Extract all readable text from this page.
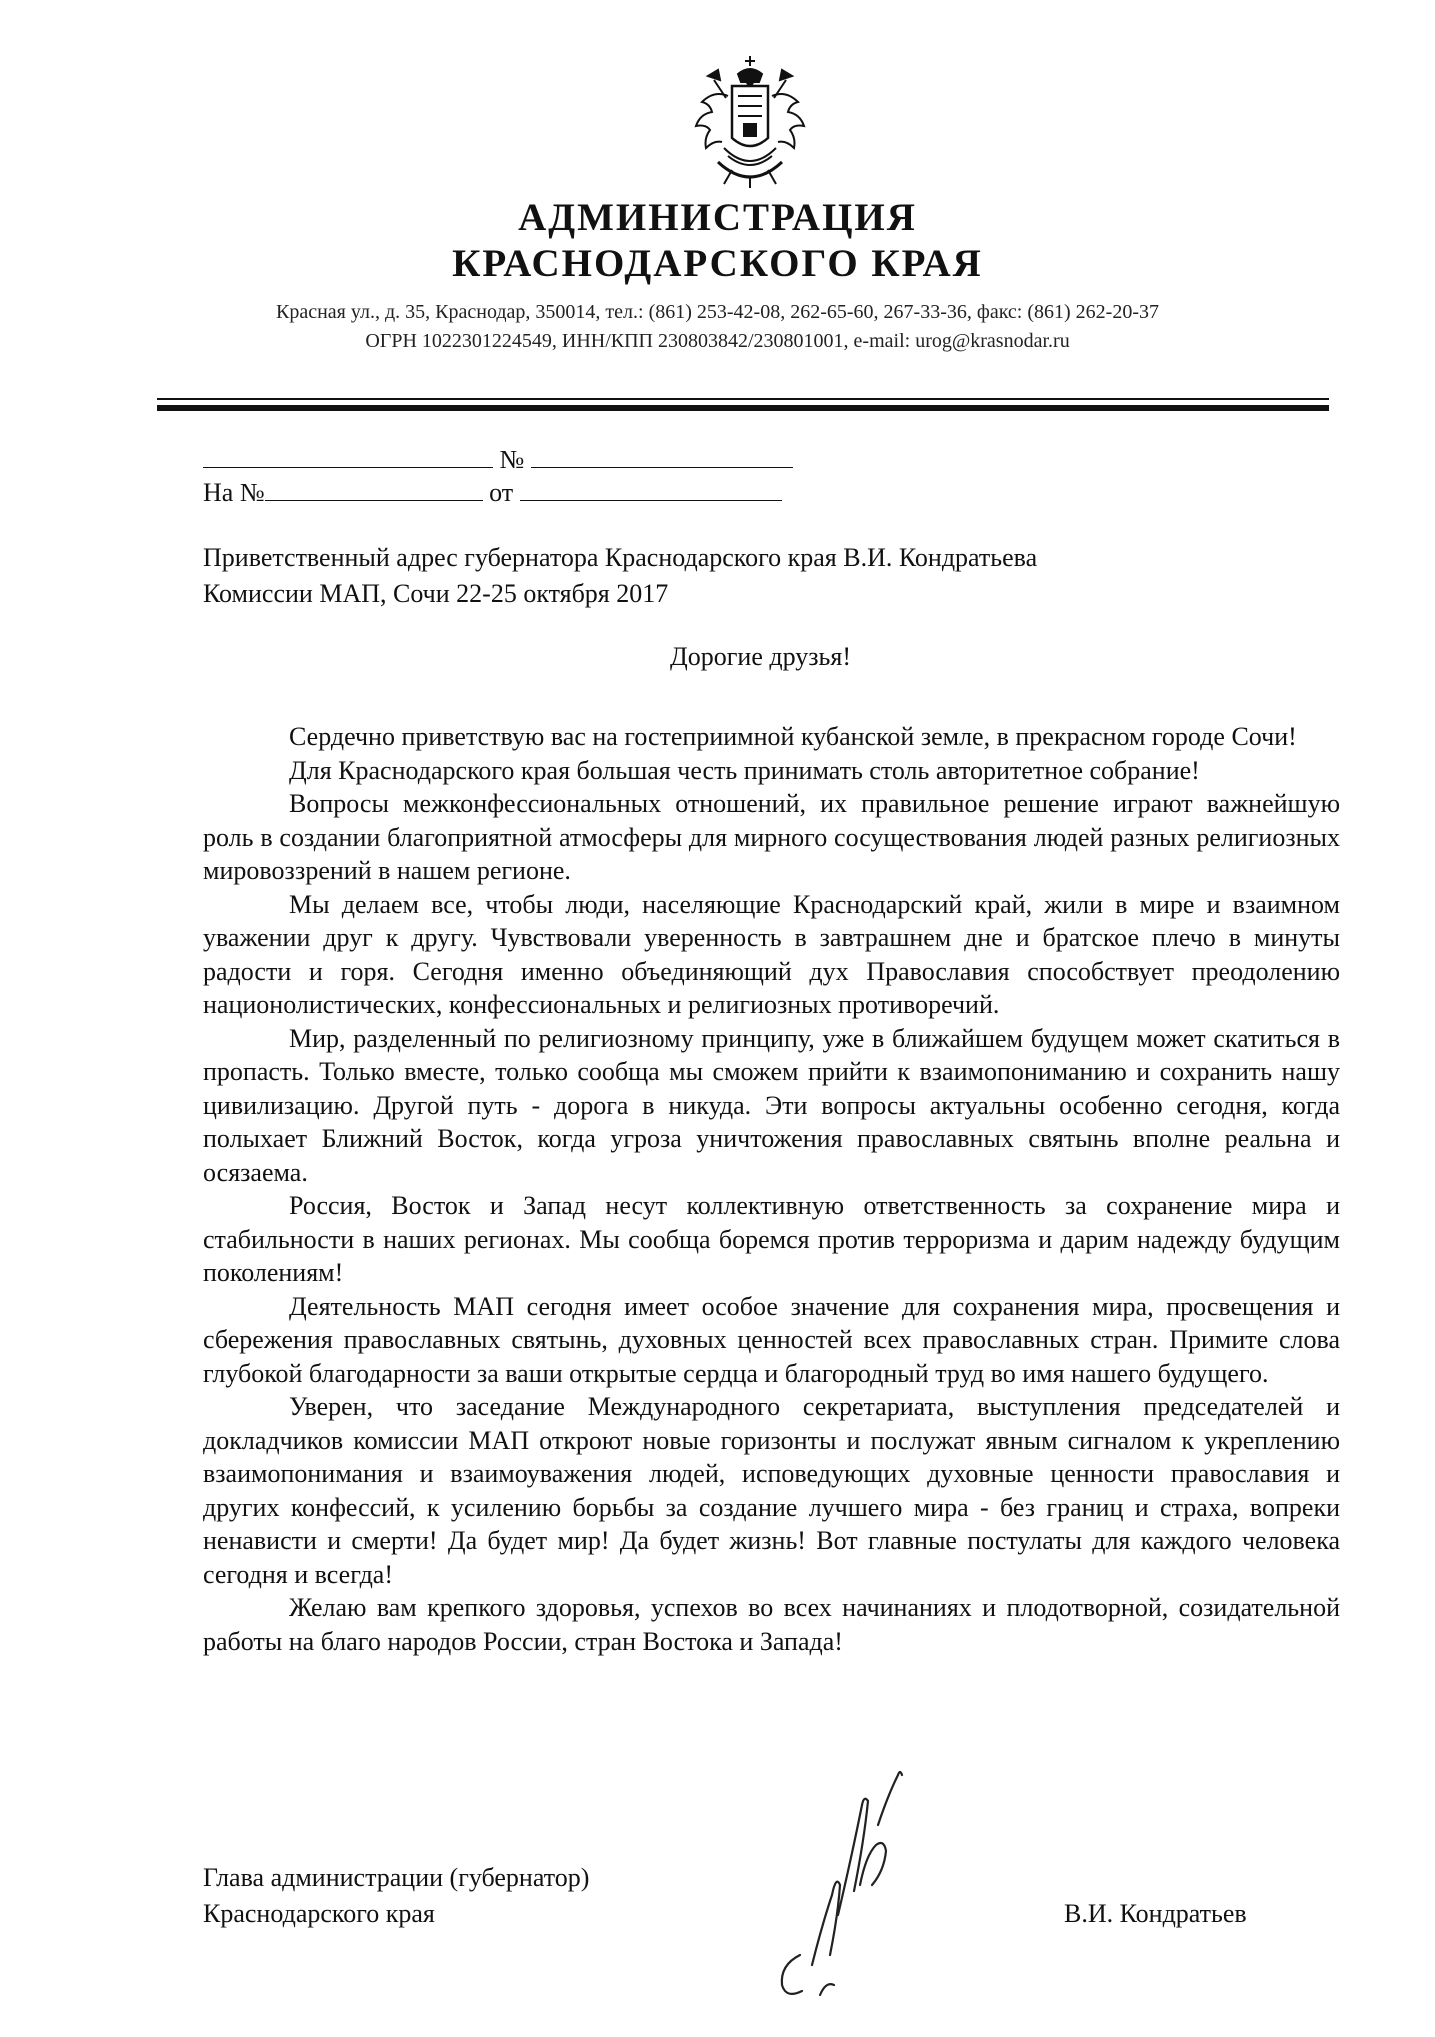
АДМИНИСТРАЦИЯ
КРАСНОДАРСКОГО КРАЯ
Красная ул., д. 35, Краснодар, 350014, тел.: (861) 253-42-08, 262-65-60, 267-33-36, факс: (861) 262-20-37
ОГРН 1022301224549, ИНН/КПП 230803842/230801001, e-mail: urog@krasnodar.ru
№
На №	от
Приветственный адрес губернатора Краснодарского края В.И. Кондратьева
Комиссии МАП, Сочи 22-25 октября 2017
Дорогие друзья!

Сердечно приветствую вас на гостеприимной кубанской земле, в прекрасном городе Сочи!

Для Краснодарского края большая честь принимать столь авторитетное собрание!

Вопросы межконфессиональных отношений, их правильное решение играют важнейшую роль в создании благоприятной атмосферы для мирного сосуществования людей разных религиозных мировоззрений в нашем регионе.

Мы делаем все, чтобы люди, населяющие Краснодарский край, жили в мире и взаимном уважении друг к другу. Чувствовали уверенность в завтрашнем дне и братское плечо в минуты радости и горя. Сегодня именно объединяющий дух Православия способствует преодолению национолистических, конфессиональных и религиозных противоречий.

Мир, разделенный по религиозному принципу, уже в ближайшем будущем может скатиться в пропасть. Только вместе, только сообща мы сможем прийти к взаимопониманию и сохранить нашу цивилизацию. Другой путь - дорога в никуда. Эти вопросы актуальны особенно сегодня, когда полыхает Ближний Восток, когда угроза уничтожения православных святынь вполне реальна и осязаема.

Россия, Восток и Запад несут коллективную ответственность за сохранение мира и стабильности в наших регионах. Мы сообща боремся против терроризма и дарим надежду будущим поколениям!

Деятельность МАП сегодня имеет особое значение для сохранения мира, просвещения и сбережения православных святынь, духовных ценностей всех православных стран. Примите слова глубокой благодарности за ваши открытые сердца и благородный труд во имя нашего будущего.

Уверен, что заседание Международного секретариата, выступления председателей и докладчиков комиссии МАП откроют новые горизонты и послужат явным сигналом к укреплению взаимопонимания и взаимоуважения людей, исповедующих духовные ценности православия и других конфессий, к усилению борьбы за создание лучшего мира - без границ и страха, вопреки ненависти и смерти! Да будет мир! Да будет жизнь! Вот главные постулаты для каждого человека сегодня и всегда!

Желаю вам крепкого здоровья, успехов во всех начинаниях и плодотворной, созидательной работы на благо народов России, стран Востока и Запада!

Глава администрации (губернатор)
Краснодарского края	В.И. Кондратьев
